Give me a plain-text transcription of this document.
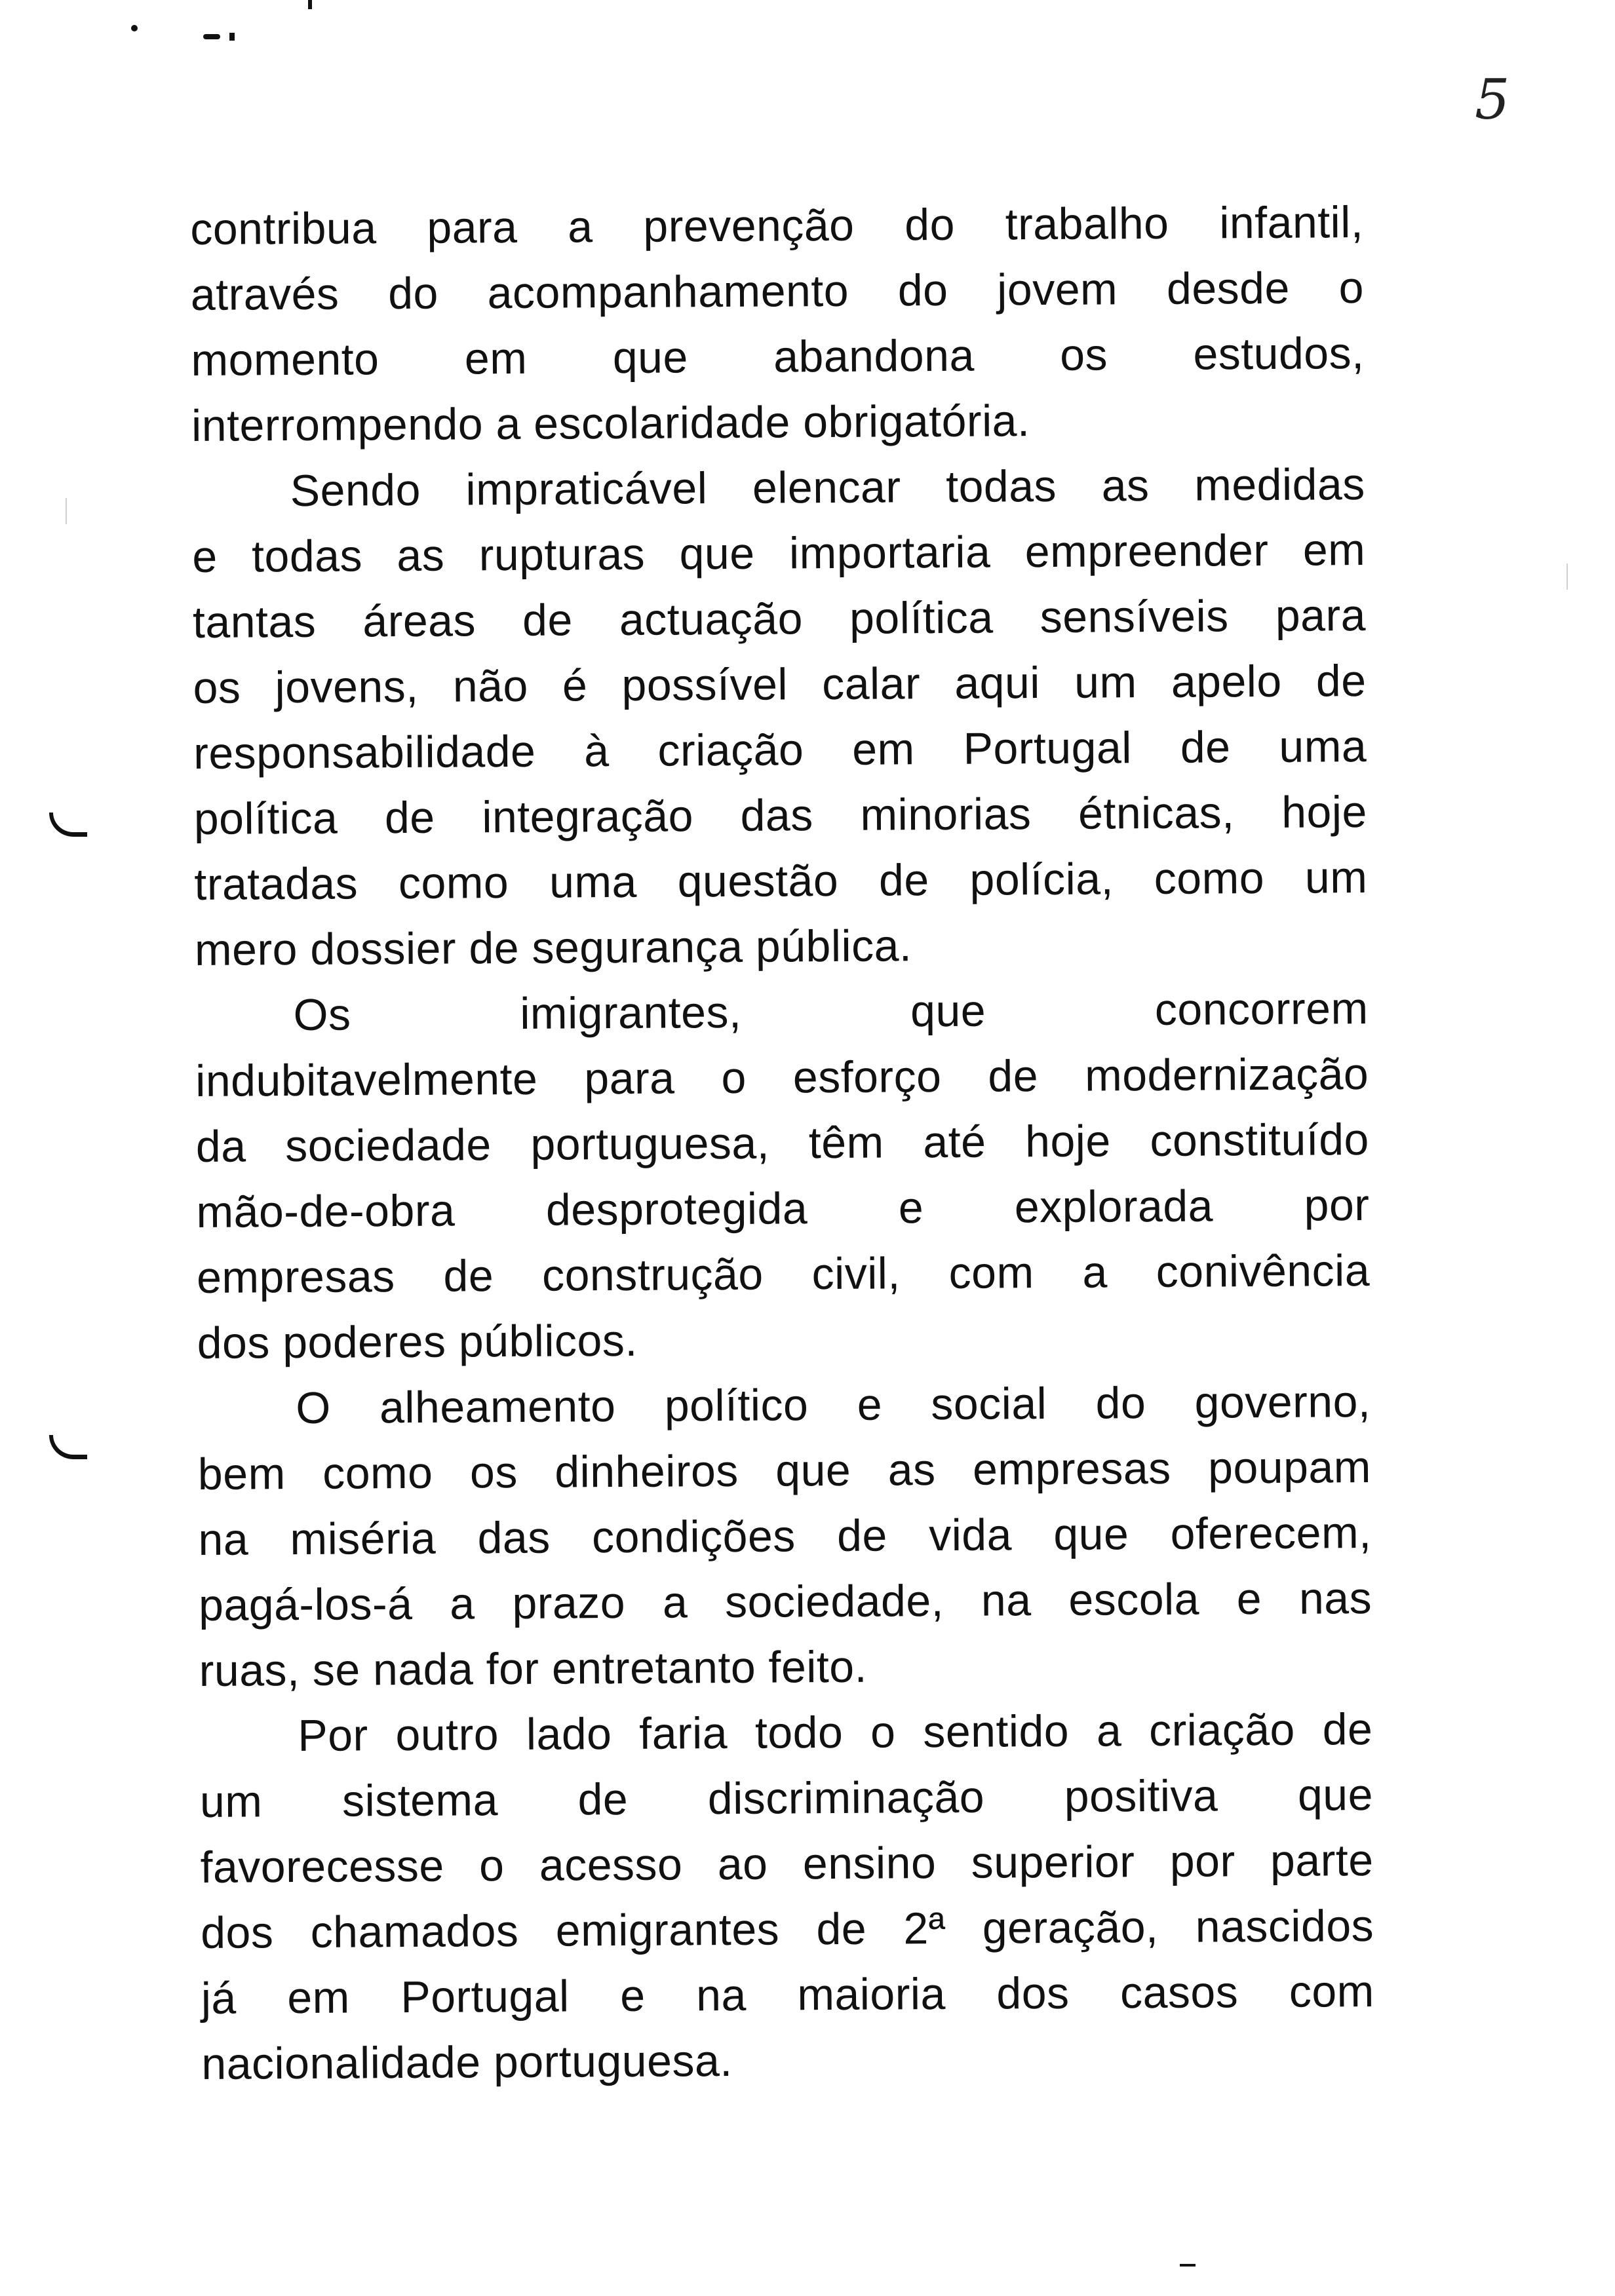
5
contribua para a prevenção do trabalho infantil,
através do acompanhamento do jovem desde o
momento em que abandona os estudos,
interrompendo a escolaridade obrigatória.
Sendo impraticável elencar todas as medidas
e todas as rupturas que importaria empreender em
tantas áreas de actuação política sensíveis para
os jovens, não é possível calar aqui um apelo de
responsabilidade à criação em Portugal de uma
política de integração das minorias étnicas, hoje
tratadas como uma questão de polícia, como um
mero dossier de segurança pública.
Os imigrantes, que concorrem
indubitavelmente para o esforço de modernização
da sociedade portuguesa, têm até hoje constituído
mão-de-obra desprotegida e explorada por
empresas de construção civil, com a conivência
dos poderes públicos.
O alheamento político e social do governo,
bem como os dinheiros que as empresas poupam
na miséria das condições de vida que oferecem,
pagá-los-á a prazo a sociedade, na escola e nas
ruas, se nada for entretanto feito.
Por outro lado faria todo o sentido a criação de
um sistema de discriminação positiva que
favorecesse o acesso ao ensino superior por parte
dos chamados emigrantes de 2ª geração, nascidos
já em Portugal e na maioria dos casos com
nacionalidade portuguesa.
